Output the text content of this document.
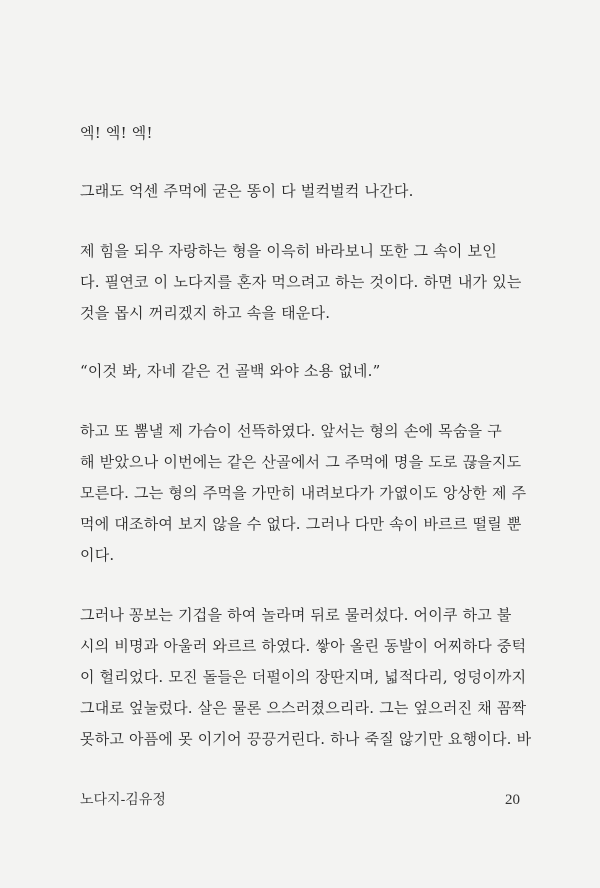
엑! 엑! 엑!
그래도 억센 주먹에 굳은 똥이 다 벌컥벌컥 나간다.
제 힘을 되우 자랑하는 형을 이윽히 바라보니 또한 그 속이 보인
다. 필연코 이 노다지를 혼자 먹으려고 하는 것이다. 하면 내가 있는
것을 몹시 꺼리겠지 하고 속을 태운다.
“이것 봐, 자네 같은 건 골백 와야 소용 없네.”
하고 또 뽐낼 제 가슴이 선뜩하였다. 앞서는 형의 손에 목숨을 구
해 받았으나 이번에는 같은 산골에서 그 주먹에 명을 도로 끊을지도
모른다. 그는 형의 주먹을 가만히 내려보다가 가엾이도 앙상한 제 주
먹에 대조하여 보지 않을 수 없다. 그러나 다만 속이 바르르 떨릴 뿐
이다.
그러나 꽁보는 기겁을 하여 놀라며 뒤로 물러섰다. 어이쿠 하고 불
시의 비명과 아울러 와르르 하였다. 쌓아 올린 동발이 어찌하다 중턱
이 헐리었다. 모진 돌들은 더펄이의 장딴지며, 넓적다리, 엉덩이까지
그대로 엎눌렀다. 살은 물론 으스러졌으리라. 그는 엎으러진 채 꼼짝
못하고 아픔에 못 이기어 끙끙거린다. 하나 죽질 않기만 요행이다. 바
노다지-김유정	20
